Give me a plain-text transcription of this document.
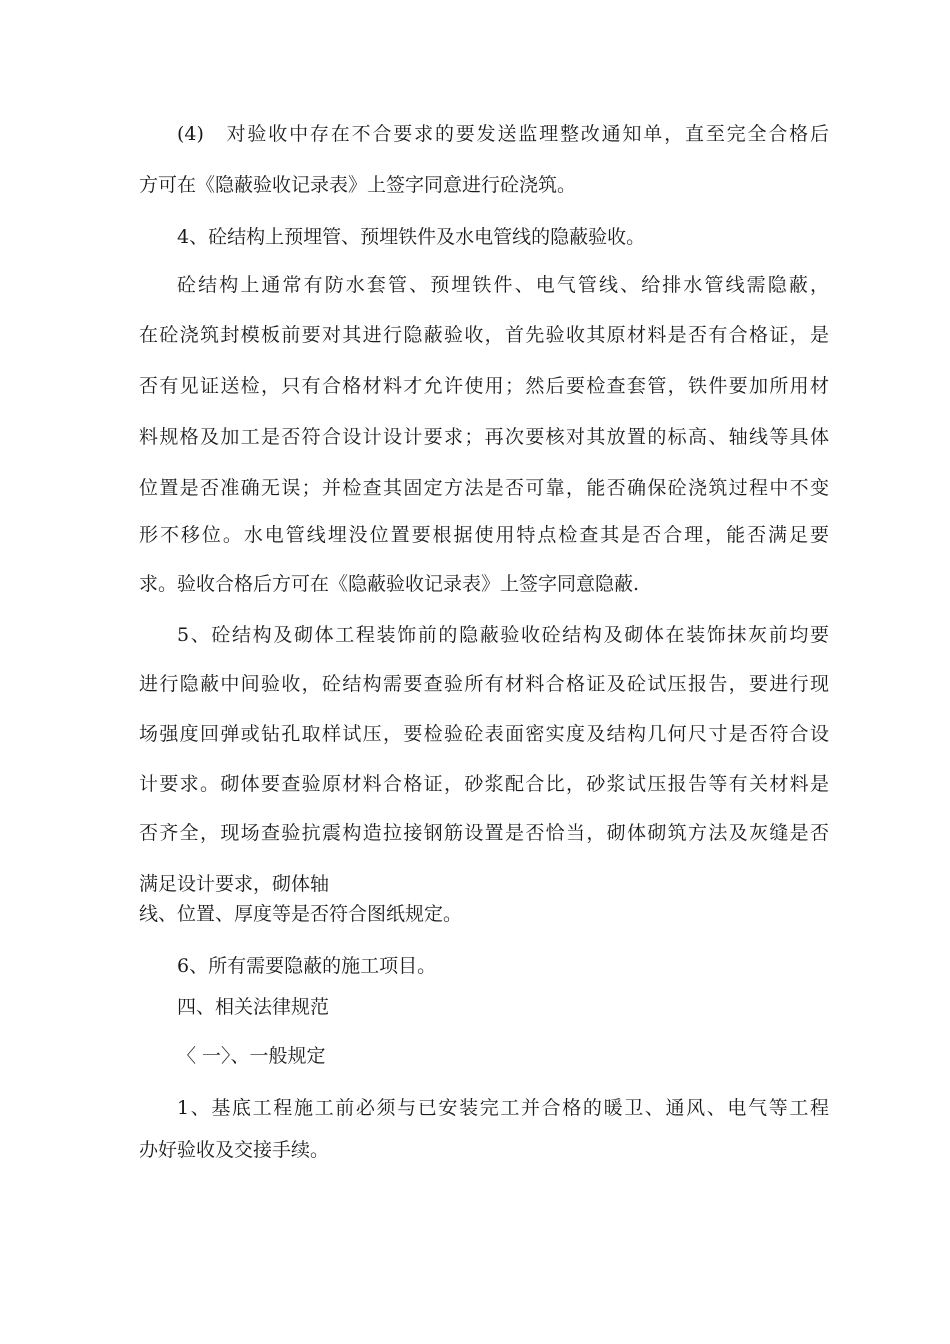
(4)　对验收中存在不合要求的要发送监理整改通知单，直至完全合格后
方可在《隐蔽验收记录表》上签字同意进行砼浇筑。
4、砼结构上预埋管、预埋铁件及水电管线的隐蔽验收。
砼结构上通常有防水套管、预埋铁件、电气管线、给排水管线需隐蔽，
在砼浇筑封模板前要对其进行隐蔽验收，首先验收其原材料是否有合格证，是
否有见证送检，只有合格材料才允许使用；然后要检查套管，铁件要加所用材
料规格及加工是否符合设计设计要求；再次要核对其放置的标高、轴线等具体
位置是否准确无误；并检查其固定方法是否可靠，能否确保砼浇筑过程中不变
形不移位。水电管线埋没位置要根据使用特点检查其是否合理，能否满足要
求。验收合格后方可在《隐蔽验收记录表》上签字同意隐蔽.
5、砼结构及砌体工程装饰前的隐蔽验收砼结构及砌体在装饰抹灰前均要
进行隐蔽中间验收，砼结构需要查验所有材料合格证及砼试压报告，要进行现
场强度回弹或钻孔取样试压，要检验砼表面密实度及结构几何尺寸是否符合设
计要求。砌体要查验原材料合格证，砂浆配合比，砂浆试压报告等有关材料是
否齐全，现场查验抗震构造拉接钢筋设置是否恰当，砌体砌筑方法及灰缝是否
满足设计要求，砌体轴
线、位置、厚度等是否符合图纸规定。
6、所有需要隐蔽的施工项目。
四、相关法律规范
〈 一〉、一般规定
1、基底工程施工前必须与已安装完工并合格的暖卫、通风、电气等工程
办好验收及交接手续。
